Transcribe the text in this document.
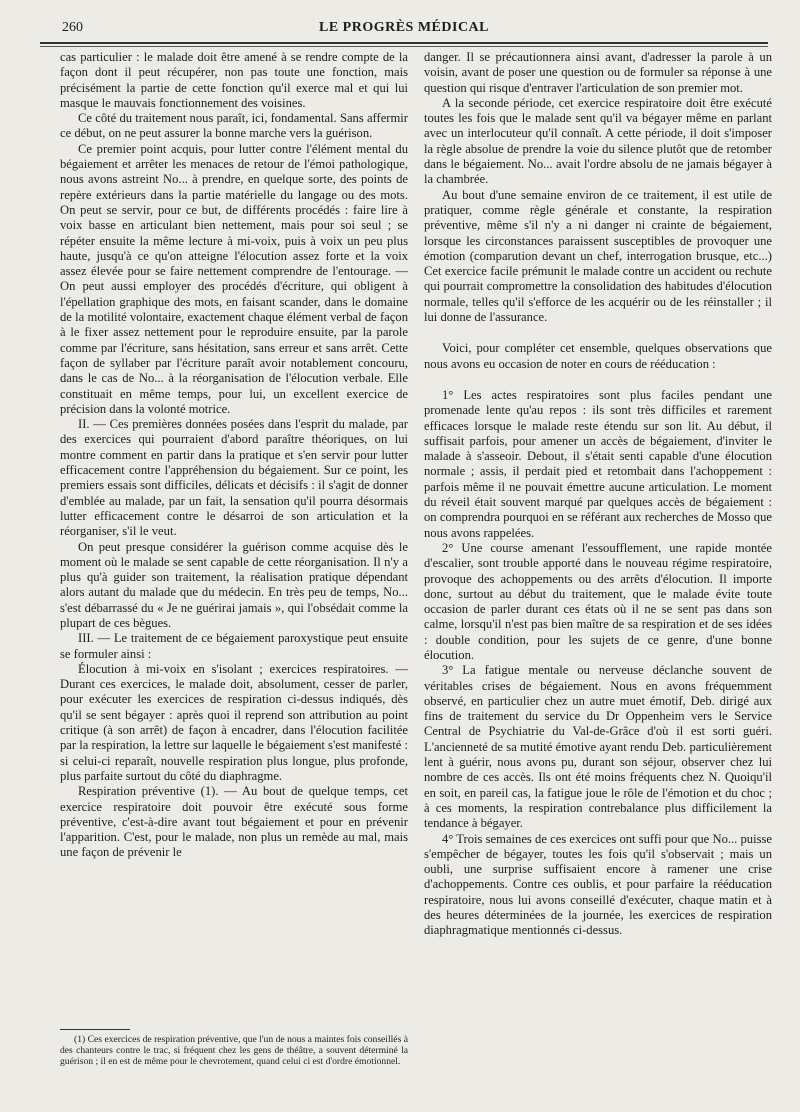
260	LE PROGRÈS MÉDICAL

cas particulier : le malade doit être amené à se rendre compte de la façon dont il peut récupérer, non pas toute une fonction, mais précisément la partie de cette fonction qu'il exerce mal et qui lui masque le mauvais fonctionnement des voisines.

Ce côté du traitement nous paraît, ici, fondamental. Sans affermir ce début, on ne peut assurer la bonne marche vers la guérison.

Ce premier point acquis, pour lutter contre l'élément mental du bégaiement et arrêter les menaces de retour de l'émoi pathologique, nous avons astreint No... à prendre, en quelque sorte, des points de repère extérieurs dans la partie matérielle du langage ou des mots. On peut se servir, pour ce but, de différents procédés : faire lire à voix basse en articulant bien nettement, mais pour soi seul ; se répéter ensuite la même lecture à mi-voix, puis à voix un peu plus haute, jusqu'à ce qu'on atteigne l'élocution assez forte et la voix assez élevée pour se faire nettement comprendre de l'entourage. — On peut aussi employer des procédés d'écriture, qui obligent à l'épellation graphique des mots, en faisant scander, dans le domaine de la motilité volontaire, exactement chaque élément verbal de façon à le fixer assez nettement pour le reproduire ensuite, par la parole comme par l'écriture, sans hésitation, sans erreur et sans arrêt. Cette façon de syllaber par l'écriture paraît avoir notablement concouru, dans le cas de No... à la réorganisation de l'élocution verbale. Elle constituait en même temps, pour lui, un excellent exercice de précision dans la volonté motrice.

II. — Ces premières données posées dans l'esprit du malade, par des exercices qui pourraient d'abord paraître théoriques, on lui montre comment en partir dans la pratique et s'en servir pour lutter efficacement contre l'appréhension du bégaiement. Sur ce point, les premiers essais sont difficiles, délicats et décisifs : il s'agit de donner d'emblée au malade, par un fait, la sensation qu'il pourra désormais lutter efficacement contre le désarroi de son articulation et la réorganiser, s'il le veut.

On peut presque considérer la guérison comme acquise dès le moment où le malade se sent capable de cette réorganisation. Il n'y a plus qu'à guider son traitement, la réalisation pratique dépendant alors autant du malade que du médecin. En très peu de temps, No... s'est débarrassé du « Je ne guérirai jamais », qui l'obsédait comme la plupart de ces bègues.

III. — Le traitement de ce bégaiement paroxystique peut ensuite se formuler ainsi :

Élocution à mi-voix en s'isolant ; exercices respiratoires. — Durant ces exercices, le malade doit, absolument, cesser de parler, pour exécuter les exercices de respiration ci-dessus indiqués, dès qu'il se sent bégayer : après quoi il reprend son attribution au point critique (à son arrêt) de façon à encadrer, dans l'élocution facilitée par la respiration, la lettre sur laquelle le bégaiement s'est manifesté : si celui-ci reparaît, nouvelle respiration plus longue, plus profonde, plus parfaite surtout du côté du diaphragme.

Respiration préventive (1). — Au bout de quelque temps, cet exercice respiratoire doit pouvoir être exécuté sous forme préventive, c'est-à-dire avant tout bégaiement et pour en prévenir l'apparition. C'est, pour le malade, non plus un remède au mal, mais une façon de prévenir le

danger. Il se précautionnera ainsi avant, d'adresser la parole à un voisin, avant de poser une question ou de formuler sa réponse à une question qui risque d'entraver l'articulation de son premier mot.

A la seconde période, cet exercice respiratoire doit être exécuté toutes les fois que le malade sent qu'il va bégayer même en parlant avec un interlocuteur qu'il connaît. A cette période, il doit s'imposer la règle absolue de prendre la voie du silence plutôt que de retomber dans le bégaiement. No... avait l'ordre absolu de ne jamais bégayer à la chambrée.

Au bout d'une semaine environ de ce traitement, il est utile de pratiquer, comme règle générale et constante, la respiration préventive, même s'il n'y a ni danger ni crainte de bégaiement, lorsque les circonstances paraissent susceptibles de provoquer une émotion (comparution devant un chef, interrogation brusque, etc...) Cet exercice facile prémunit le malade contre un accident ou rechute qui pourrait compromettre la consolidation des habitudes d'élocution normale, telles qu'il s'efforce de les acquérir ou de les réinstaller ; il lui donne de l'assurance.

Voici, pour compléter cet ensemble, quelques observations que nous avons eu occasion de noter en cours de rééducation :

1° Les actes respiratoires sont plus faciles pendant une promenade lente qu'au repos : ils sont très difficiles et rarement efficaces lorsque le malade reste étendu sur son lit. Au début, il suffisait parfois, pour amener un accès de bégaiement, d'inviter le malade à s'asseoir. Debout, il s'était senti capable d'une élocution normale ; assis, il perdait pied et retombait dans l'achoppement : parfois même il ne pouvait émettre aucune articulation. Le moment du réveil était souvent marqué par quelques accès de bégaiement : on comprendra pourquoi en se référant aux recherches de Mosso que nous avons rappelées.

2° Une course amenant l'essoufflement, une rapide montée d'escalier, sont trouble apporté dans le nouveau régime respiratoire, provoque des achoppements ou des arrêts d'élocution. Il importe donc, surtout au début du traitement, que le malade évite toute occasion de parler durant ces états où il ne se sent pas dans son calme, lorsqu'il n'est pas bien maître de sa respiration et de ses idées : double condition, pour les sujets de ce genre, d'une bonne élocution.

3° La fatigue mentale ou nerveuse déclanche souvent de véritables crises de bégaiement. Nous en avons fréquemment observé, en particulier chez un autre muet émotif, Deb. dirigé aux fins de traitement du service du Dr Oppenheim vers le Service Central de Psychiatrie du Val-de-Grâce d'où il est sorti guéri. L'ancienneté de sa mutité émotive ayant rendu Deb. particulièrement lent à guérir, nous avons pu, durant son séjour, observer chez lui nombre de ces accès. Ils ont été moins fréquents chez N. Quoiqu'il en soit, en pareil cas, la fatigue joue le rôle de l'émotion et du choc ; à ces moments, la respiration contrebalance plus difficilement la tendance à bégayer.

4° Trois semaines de ces exercices ont suffi pour que No... puisse s'empêcher de bégayer, toutes les fois qu'il s'observait ; mais un oubli, une surprise suffisaient encore à ramener une crise d'achoppements. Contre ces oublis, et pour parfaire la rééducation respiratoire, nous lui avons conseillé d'exécuter, chaque matin et à des heures déterminées de la journée, les exercices de respiration diaphragmatique mentionnés ci-dessus.

(1) Ces exercices de respiration préventive, que l'un de nous a maintes fois conseillés à des chanteurs contre le trac, si fréquent chez les gens de théâtre, a souvent déterminé la guérison ; il en est de même pour le chevrotement, quand celui ci est d'ordre émotionnel.
